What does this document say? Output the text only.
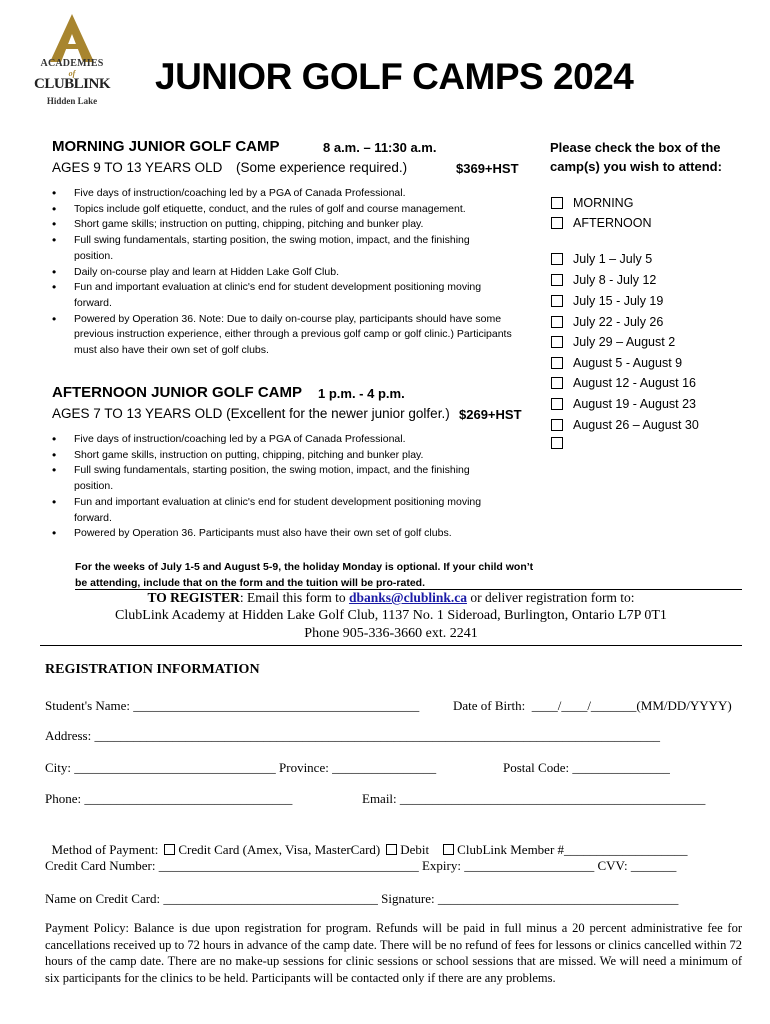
ACADEMIES
of
CLUBLINK
Hidden Lake
JUNIOR GOLF CAMPS 2024
MORNING JUNIOR GOLF CAMP	8 a.m. – 11:30 a.m.
AGES 9 TO 13 YEARS OLD (Some experience required.)	$369+HST
• Five days of instruction/coaching led by a PGA of Canada Professional.
• Topics include golf etiquette, conduct, and the rules of golf and course management.
• Short game skills; instruction on putting, chipping, pitching and bunker play.
• Full swing fundamentals, starting position, the swing motion, impact, and the finishing position.
• Daily on-course play and learn at Hidden Lake Golf Club.
• Fun and important evaluation at clinic's end for student development positioning moving forward.
• Powered by Operation 36. Note: Due to daily on-course play, participants should have some previous instruction experience, either through a previous golf camp or golf clinic.) Participants must also have their own set of golf clubs.
AFTERNOON JUNIOR GOLF CAMP 1 p.m. - 4 p.m.
AGES 7 TO 13 YEARS OLD (Excellent for the newer junior golfer.) $269+HST
• Five days of instruction/coaching led by a PGA of Canada Professional.
• Short game skills, instruction on putting, chipping, pitching and bunker play.
• Full swing fundamentals, starting position, the swing motion, impact, and the finishing position.
• Fun and important evaluation at clinic's end for student development positioning moving forward.
• Powered by Operation 36. Participants must also have their own set of golf clubs.
For the weeks of July 1-5 and August 5-9, the holiday Monday is optional. If your child won’t be attending, include that on the form and the tuition will be pro-rated.
Please check the box of the camp(s) you wish to attend:
MORNING
AFTERNOON
July 1 – July 5
July 8 - July 12
July 15 - July 19
July 22 - July 26
July 29 – August 2
August 5 - August 9
August 12 - August 16
August 19 - August 23
August 26 – August 30
TO REGISTER: Email this form to dbanks@clublink.ca or deliver registration form to:
ClubLink Academy at Hidden Lake Golf Club, 1137 No. 1 Sideroad, Burlington, Ontario L7P 0T1
Phone 905-336-3660 ext. 2241
REGISTRATION INFORMATION
Student's Name: ____________________________________________	Date of Birth:  ____/____/_______(MM/DD/YYYY)
Address: _______________________________________________________________________________________
City: _______________________________ Province: ________________	Postal Code: _______________
Phone: ________________________________	Email: _______________________________________________

Method of Payment: Credit Card (Amex, Visa, MasterCard) Debit ClubLink Member #___________________

Credit Card Number: ________________________________________ Expiry: ____________________ CVV: _______
Name on Credit Card: _________________________________ Signature: _____________________________________
Payment Policy: Balance is due upon registration for program. Refunds will be paid in full minus a 20 percent administrative fee for cancellations received up to 72 hours in advance of the camp date. There will be no refund of fees for lessons or clinics cancelled within 72 hours of the camp date. There are no make-up sessions for clinic sessions or school sessions that are missed. We will need a minimum of six participants for the clinics to be held. Participants will be contacted only if there are any problems.
